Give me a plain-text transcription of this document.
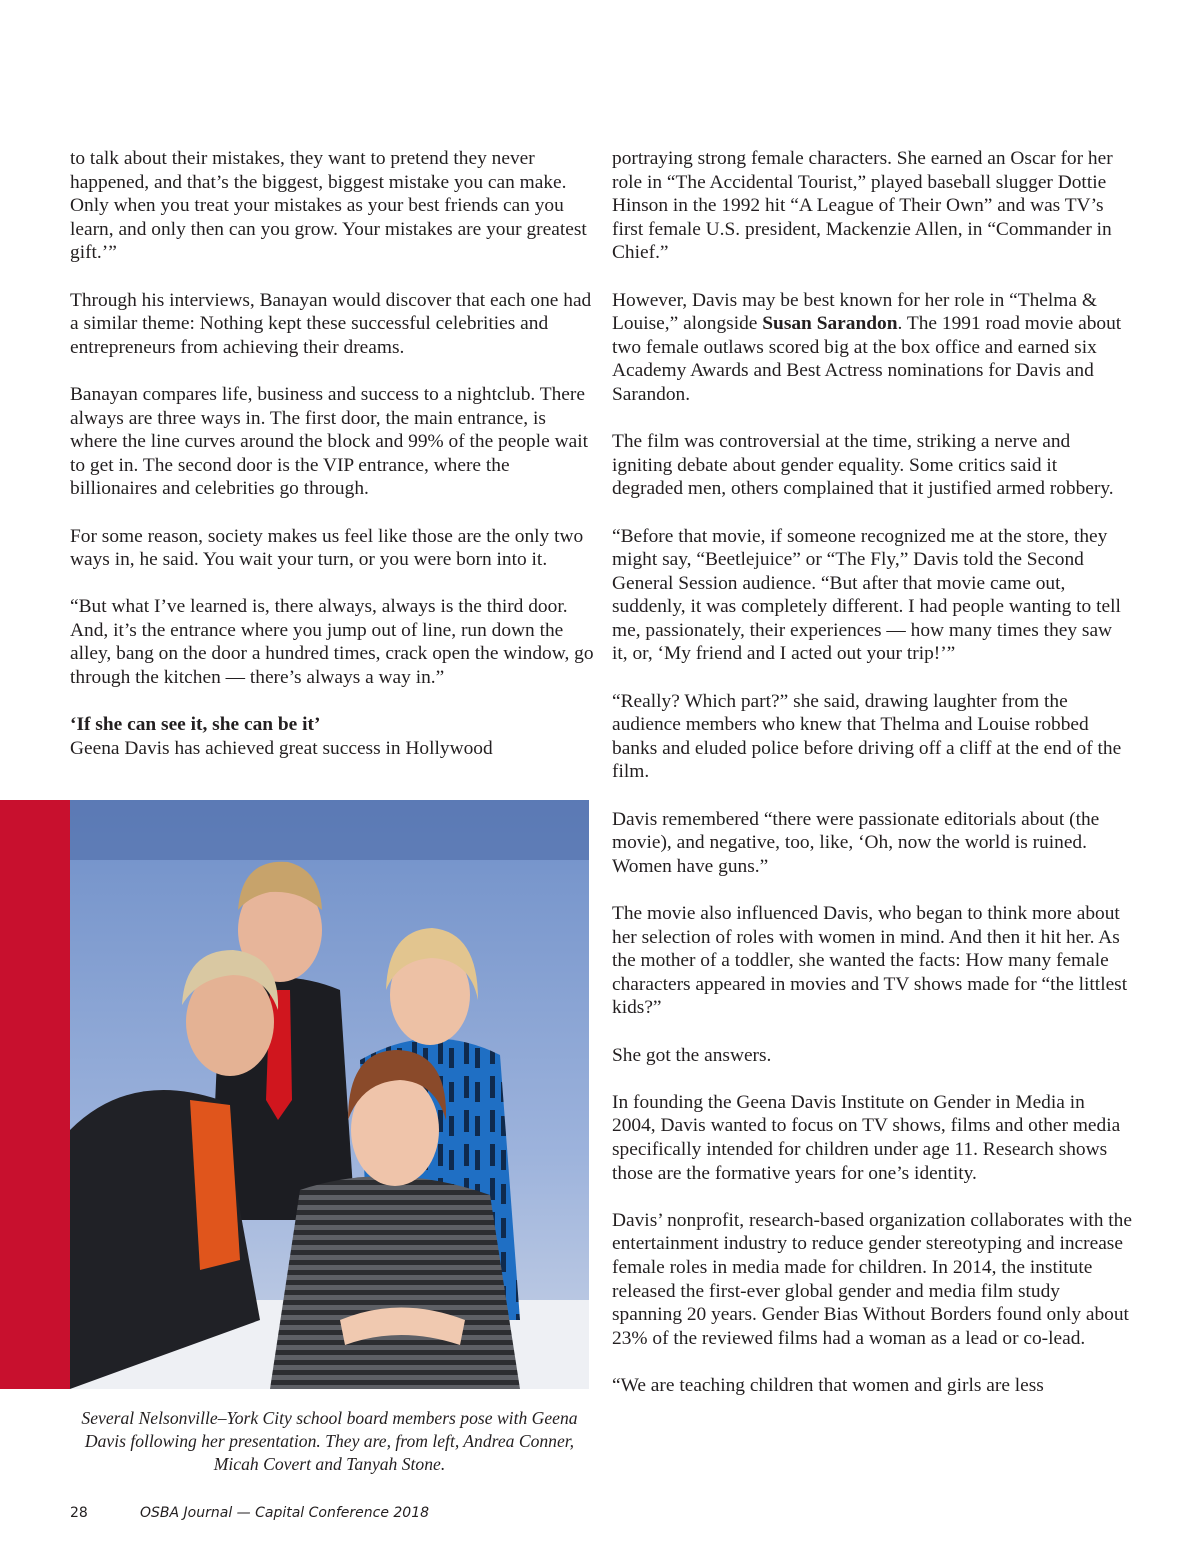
to talk about their mistakes, they want to pretend they never happened, and that’s the biggest, biggest mistake you can make. Only when you treat your mistakes as your best friends can you learn, and only then can you grow. Your mistakes are your greatest gift.’”

Through his interviews, Banayan would discover that each one had a similar theme: Nothing kept these successful celebrities and entrepreneurs from achieving their dreams.

Banayan compares life, business and success to a nightclub. There always are three ways in. The first door, the main entrance, is where the line curves around the block and 99% of the people wait to get in. The second door is the VIP entrance, where the billionaires and celebrities go through.

For some reason, society makes us feel like those are the only two ways in, he said. You wait your turn, or you were born into it.

“But what I’ve learned is, there always, always is the third door. And, it’s the entrance where you jump out of line, run down the alley, bang on the door a hundred times, crack open the window, go through the kitchen — there’s always a way in.”

‘If she can see it, she can be it’

Geena Davis has achieved great success in Hollywood

portraying strong female characters. She earned an Oscar for her role in “The Accidental Tourist,” played baseball slugger Dottie Hinson in the 1992 hit “A League of Their Own” and was TV’s first female U.S. president, Mackenzie Allen, in “Commander in Chief.”

However, Davis may be best known for her role in “Thelma & Louise,” alongside Susan Sarandon. The 1991 road movie about two female outlaws scored big at the box office and earned six Academy Awards and Best Actress nominations for Davis and Sarandon.

The film was controversial at the time, striking a nerve and igniting debate about gender equality. Some critics said it degraded men, others complained that it justified armed robbery.

“Before that movie, if someone recognized me at the store, they might say, “Beetlejuice” or “The Fly,” Davis told the Second General Session audience. “But after that movie came out, suddenly, it was completely different. I had people wanting to tell me, passionately, their experiences — how many times they saw it, or, ‘My friend and I acted out your trip!’”

“Really? Which part?” she said, drawing laughter from the audience members who knew that Thelma and Louise robbed banks and eluded police before driving off a cliff at the end of the film.

Davis remembered “there were passionate editorials about (the movie), and negative, too, like, ‘Oh, now the world is ruined. Women have guns.”

The movie also influenced Davis, who began to think more about her selection of roles with women in mind. And then it hit her. As the mother of a toddler, she wanted the facts: How many female characters appeared in movies and TV shows made for “the littlest kids?”

She got the answers.

In founding the Geena Davis Institute on Gender in Media in 2004, Davis wanted to focus on TV shows, films and other media specifically intended for children under age 11. Research shows those are the formative years for one’s identity.

Davis’ nonprofit, research-based organization collaborates with the entertainment industry to reduce gender stereotyping and increase female roles in media made for children. In 2014, the institute released the first-ever global gender and media film study spanning 20 years. Gender Bias Without Borders found only about 23% of the reviewed films had a woman as a lead or co-lead.

“We are teaching children that women and girls are less

Several Nelsonville–York City school board members pose with Geena Davis following her presentation. They are, from left, Andrea Conner, Micah Covert and Tanyah Stone.
28	OSBA Journal — Capital Conference 2018
